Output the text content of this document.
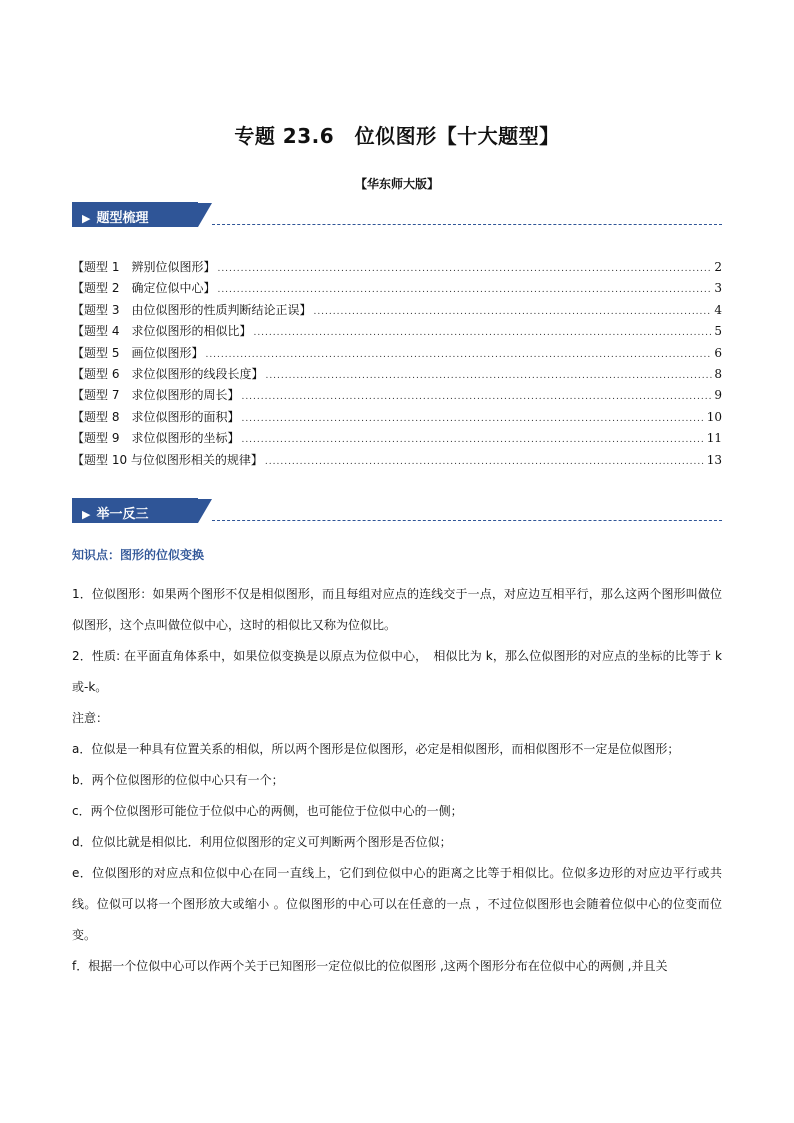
专题 23.6　位似图形【十大题型】
【华东师大版】
▶ 题型梳理
【题型 1　辨别位似图形】 .....	2
【题型 2　确定位似中心】 .....	3
【题型 3　由位似图形的性质判断结论正误】 .....	4
【题型 4　求位似图形的相似比】 .....	5
【题型 5　画位似图形】 .....	6
【题型 6　求位似图形的线段长度】 .....	8
【题型 7　求位似图形的周长】 .....	9
【题型 8　求位似图形的面积】 .....	10
【题型 9　求位似图形的坐标】 .....	11
【题型 10 与位似图形相关的规律】 .....	13
▶ 举一反三
知识点：图形的位似变换

1．位似图形：如果两个图形不仅是相似图形，而且每组对应点的连线交于一点，对应边互相平行，那么这两个图形叫做位似图形，这个点叫做位似中心，这时的相似比又称为位似比。

2．性质: 在平面直角体系中，如果位似变换是以原点为位似中心，　相似比为 k，那么位似图形的对应点的坐标的比等于 k 或-k。

注意：

a．位似是一种具有位置关系的相似，所以两个图形是位似图形，必定是相似图形，而相似图形不一定是位似图形；

b．两个位似图形的位似中心只有一个；

c．两个位似图形可能位于位似中心的两侧，也可能位于位似中心的一侧；

d．位似比就是相似比．利用位似图形的定义可判断两个图形是否位似；

e．位似图形的对应点和位似中心在同一直线上，它们到位似中心的距离之比等于相似比。位似多边形的对应边平行或共线。位似可以将一个图形放大或缩小 。位似图形的中心可以在任意的一点 ，不过位似图形也会随着位似中心的位变而位变。

f．根据一个位似中心可以作两个关于已知图形一定位似比的位似图形 ,这两个图形分布在位似中心的两侧 ,并且关
